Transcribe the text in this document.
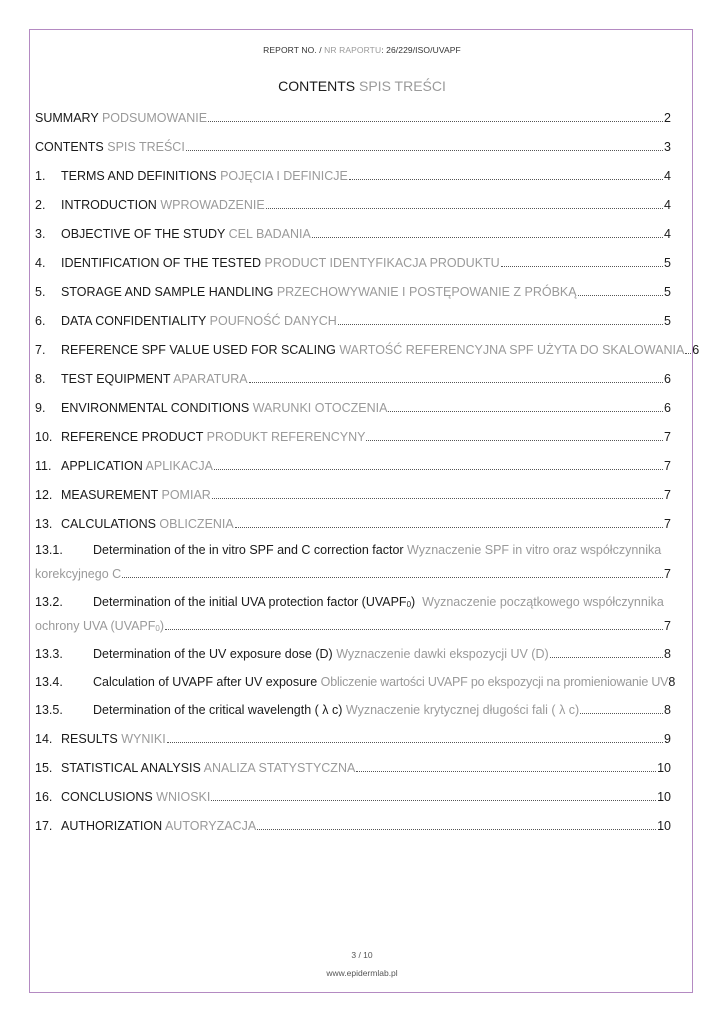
REPORT NO. / NR RAPORTU: 26/229/ISO/UVAPF
CONTENTS SPIS TREŚCI
SUMMARY PODSUMOWANIE	2
CONTENTS SPIS TREŚCI	3
1.	TERMS AND DEFINITIONS POJĘCIA I DEFINICJE	4
2.	INTRODUCTION WPROWADZENIE	4
3.	OBJECTIVE OF THE STUDY CEL BADANIA	4
4.	IDENTIFICATION OF THE TESTED PRODUCT IDENTYFIKACJA PRODUKTU	5
5.	STORAGE AND SAMPLE HANDLING PRZECHOWYWANIE I POSTĘPOWANIE Z PRÓBKĄ	5
6.	DATA CONFIDENTIALITY POUFNOŚĆ DANYCH	5
7.	REFERENCE SPF VALUE USED FOR SCALING WARTOŚĆ REFERENCYJNA SPF UŻYTA DO SKALOWANIA 6
8.	TEST EQUIPMENT APARATURA	6
9.	ENVIRONMENTAL CONDITIONS WARUNKI OTOCZENIA	6
10. REFERENCE PRODUCT PRODUKT REFERENCYNY	7
11. APPLICATION APLIKACJA	7
12. MEASUREMENT POMIAR	7
13. CALCULATIONS OBLICZENIA	7
13.1.	Determination of the in vitro SPF and C correction factor
Wyznaczenie SPF in vitro oraz współczynnika
korekcyjnego C	7
13.2.	Determination of the initial UVA protection factor ($UVAPF_0$ )
Wyznaczenie początkowego współczynnika
ochrony UVA ($UVAPF_0$ )	7
13.3.	Determination of the UV exposure dose (D)
Wyznaczenie dawki ekspozycji UV (D)	8
13.4.	Calculation of UVAPF after UV exposure
Obliczenie wartości UVAPF po ekspozycji na promieniowanie UV 8
13.5.	Determination of the critical wavelength ( λ c)
Wyznaczenie krytycznej długości fali ( λ c)	8
14. RESULTS WYNIKI	9
15. STATISTICAL ANALYSIS ANALIZA STATYSTYCZNA	10
16. CONCLUSIONS WNIOSKI	10
17. AUTHORIZATION AUTORYZACJA	10
3 / 10
www.epidermlab.pl
